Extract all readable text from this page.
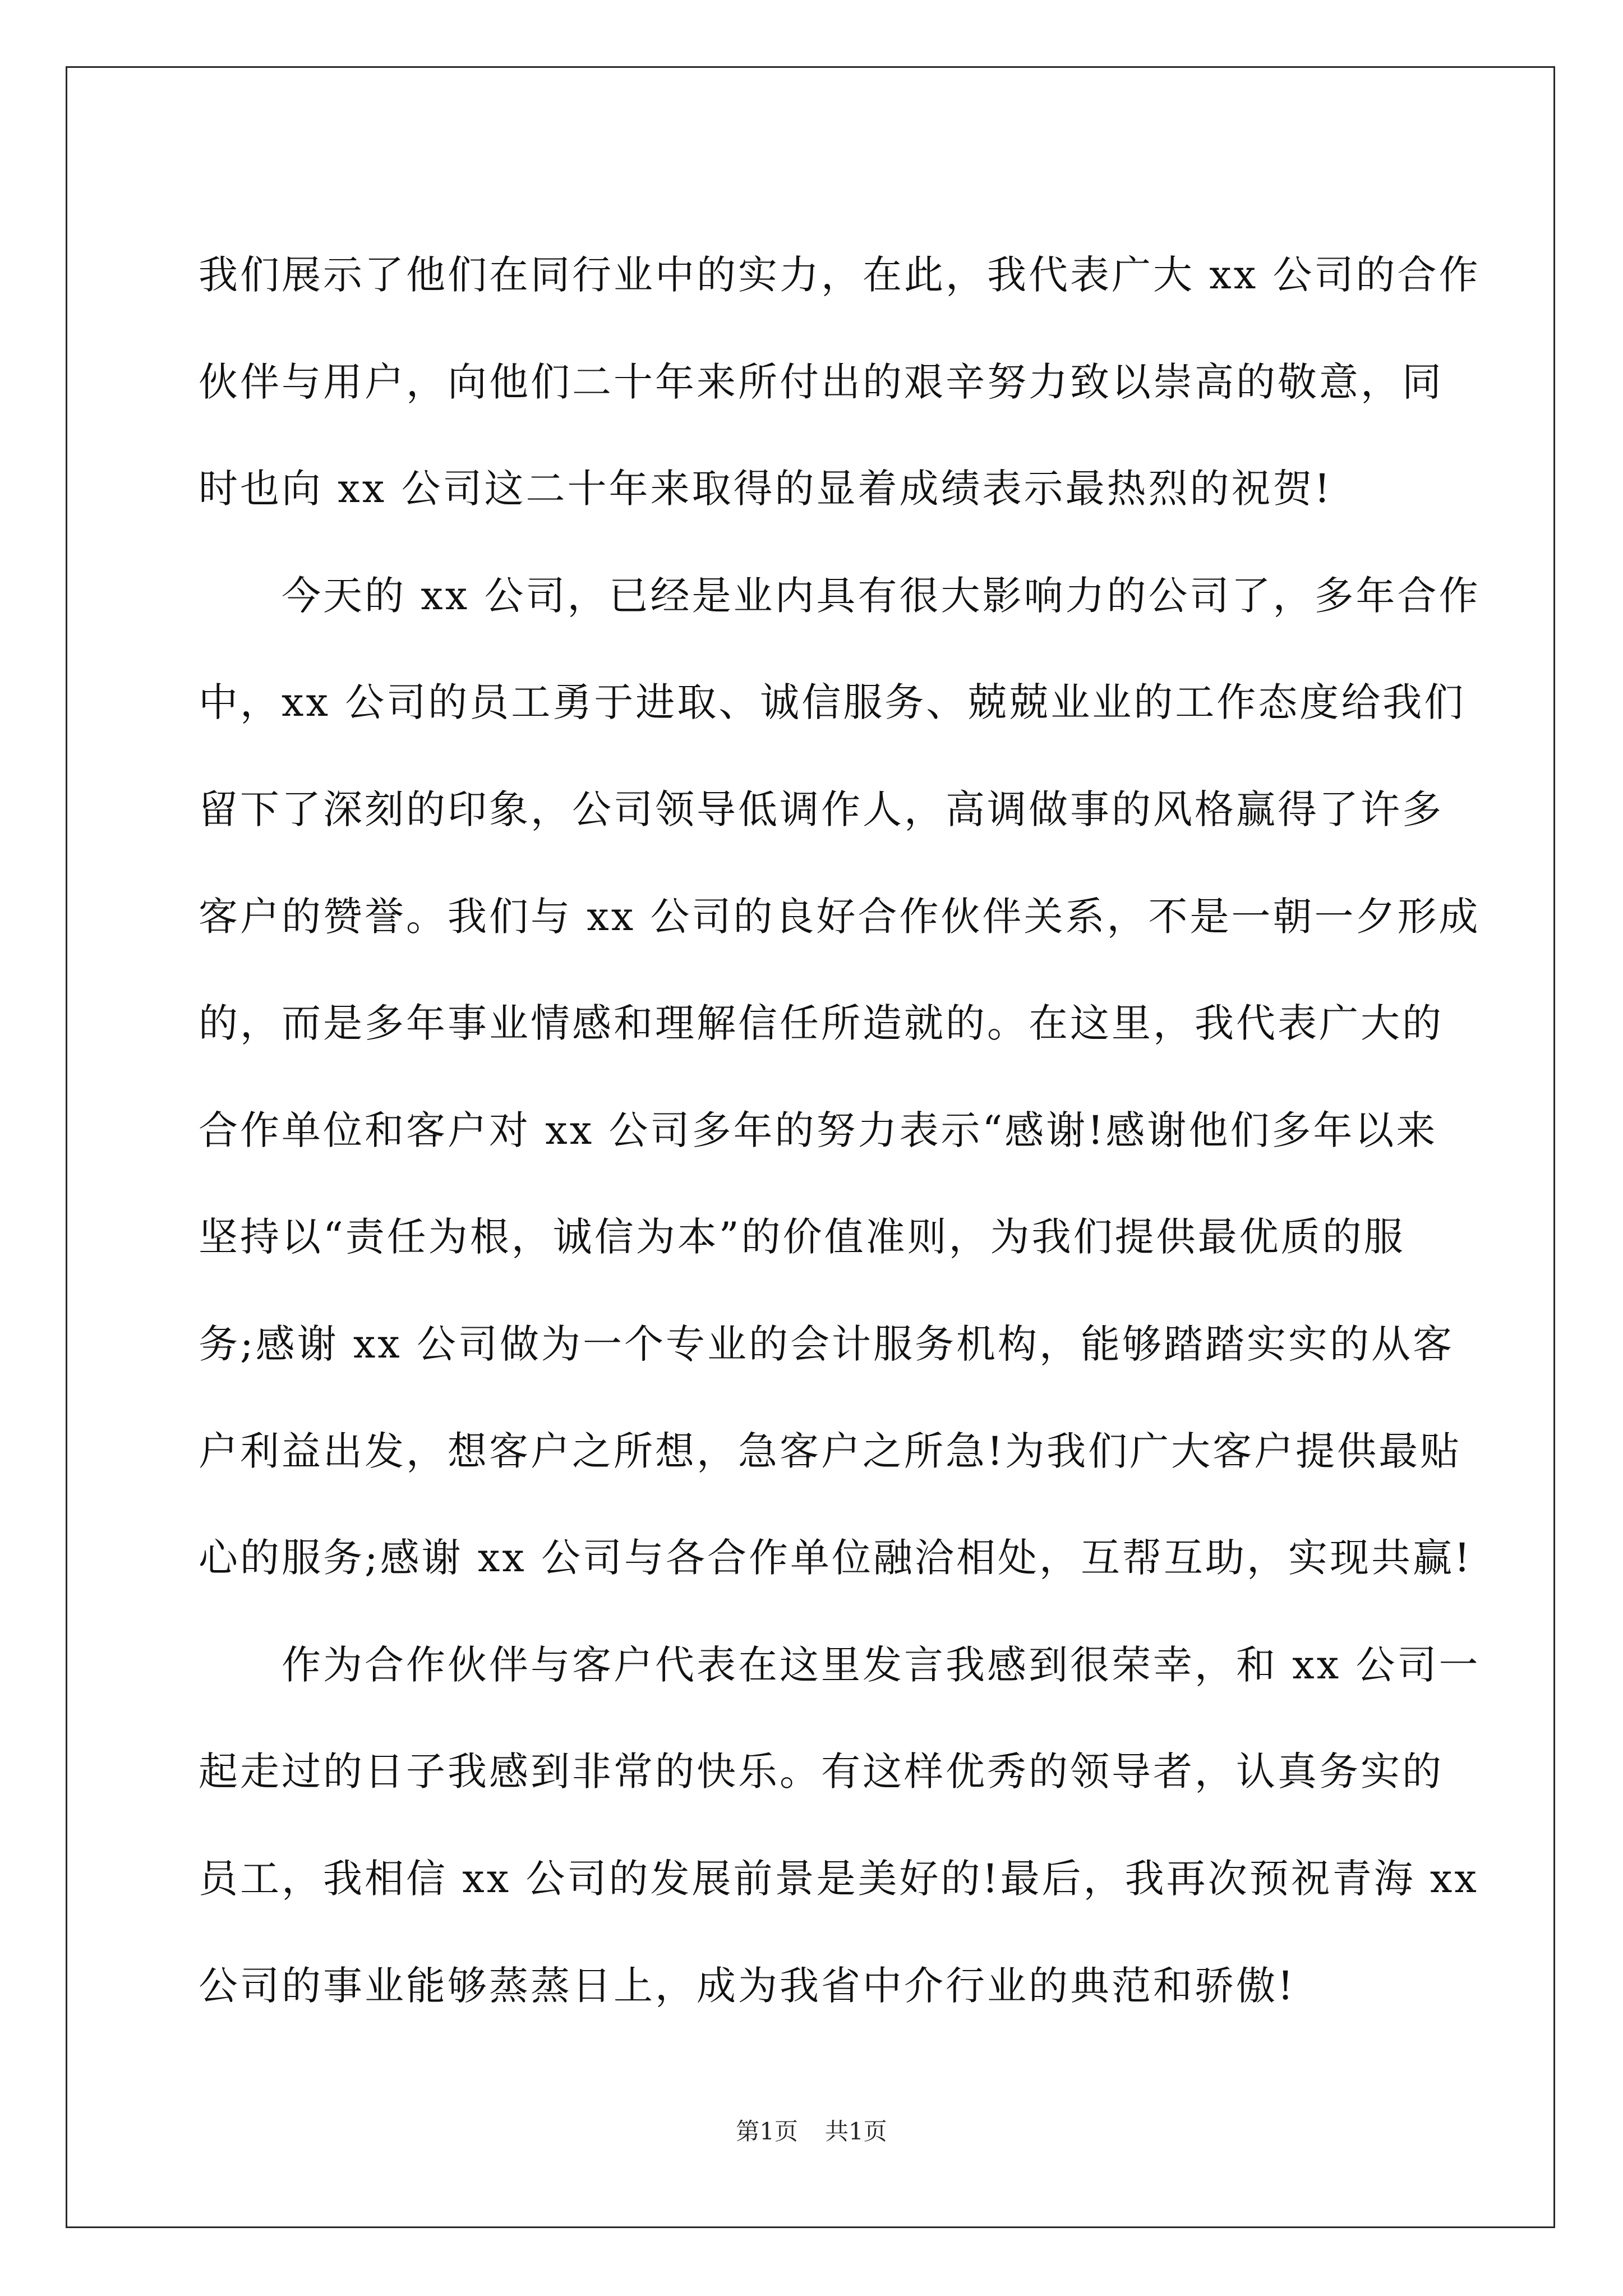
我们展示了他们在同行业中的实力，在此，我代表广大 xx 公司的合作
伙伴与用户，向他们二十年来所付出的艰辛努力致以崇高的敬意，同
时也向 xx 公司这二十年来取得的显着成绩表示最热烈的祝贺!
今天的 xx 公司，已经是业内具有很大影响力的公司了，多年合作
中，xx 公司的员工勇于进取、诚信服务、兢兢业业的工作态度给我们
留下了深刻的印象，公司领导低调作人，高调做事的风格赢得了许多
客户的赞誉。我们与 xx 公司的良好合作伙伴关系，不是一朝一夕形成
的，而是多年事业情感和理解信任所造就的。在这里，我代表广大的
合作单位和客户对 xx 公司多年的努力表示“感谢!感谢他们多年以来
坚持以“责任为根，诚信为本”的价值准则，为我们提供最优质的服
务;感谢 xx 公司做为一个专业的会计服务机构，能够踏踏实实的从客
户利益出发，想客户之所想，急客户之所急!为我们广大客户提供最贴
心的服务;感谢 xx 公司与各合作单位融洽相处，互帮互助，实现共赢!
作为合作伙伴与客户代表在这里发言我感到很荣幸，和 xx 公司一
起走过的日子我感到非常的快乐。有这样优秀的领导者，认真务实的
员工，我相信 xx 公司的发展前景是美好的!最后，我再次预祝青海 xx
公司的事业能够蒸蒸日上，成为我省中介行业的典范和骄傲!
第1页 共1页
